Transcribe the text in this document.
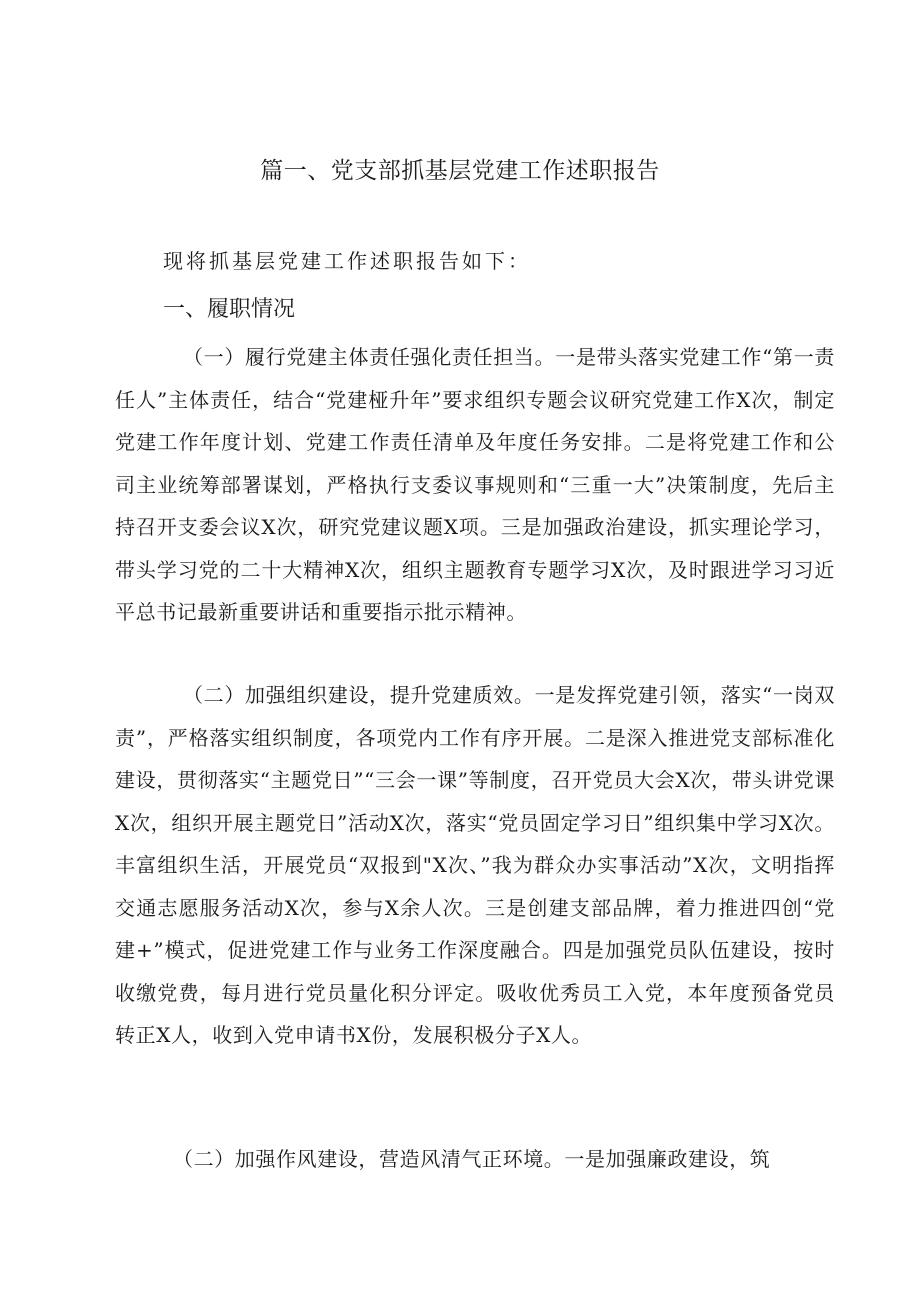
篇一、党支部抓基层党建工作述职报告

现将抓基层党建工作述职报告如下：

一、履职情况

（一）履行党建主体责任强化责任担当。一是带头落实党建工作“第一责任人”主体责任，结合“党建桠升年”要求组织专题会议研究党建工作X次，制定党建工作年度计划、党建工作责任清单及年度任务安排。二是将党建工作和公司主业统筹部署谋划，严格执行支委议事规则和“三重一大”决策制度，先后主持召开支委会议X次，研究党建议题X项。三是加强政治建设，抓实理论学习，带头学习党的二十大精神X次，组织主题教育专题学习X次，及时跟进学习习近平总书记最新重要讲话和重要指示批示精神。

（二）加强组织建设，提升党建质效。一是发挥党建引领，落实“一岗双责”，严格落实组织制度，各项党内工作有序开展。二是深入推进党支部标准化建设，贯彻落实“主题党日”“三会一课”等制度，召开党员大会X次，带头讲党课X次，组织开展主题党日”活动X次，落实“党员固定学习日”组织集中学习X次。丰富组织生活，开展党员“双报到"X次、”我为群众办实事活动”X次，文明指挥交通志愿服务活动X次，参与X余人次。三是创建支部品牌，着力推进四创“党建+”模式，促进党建工作与业务工作深度融合。四是加强党员队伍建设，按时收缴党费，每月进行党员量化积分评定。吸收优秀员工入党，本年度预备党员转正X人，收到入党申请书X份，发展积极分子X人。

（二）加强作风建设，营造风清气正环境。一是加强廉政建设，筑
